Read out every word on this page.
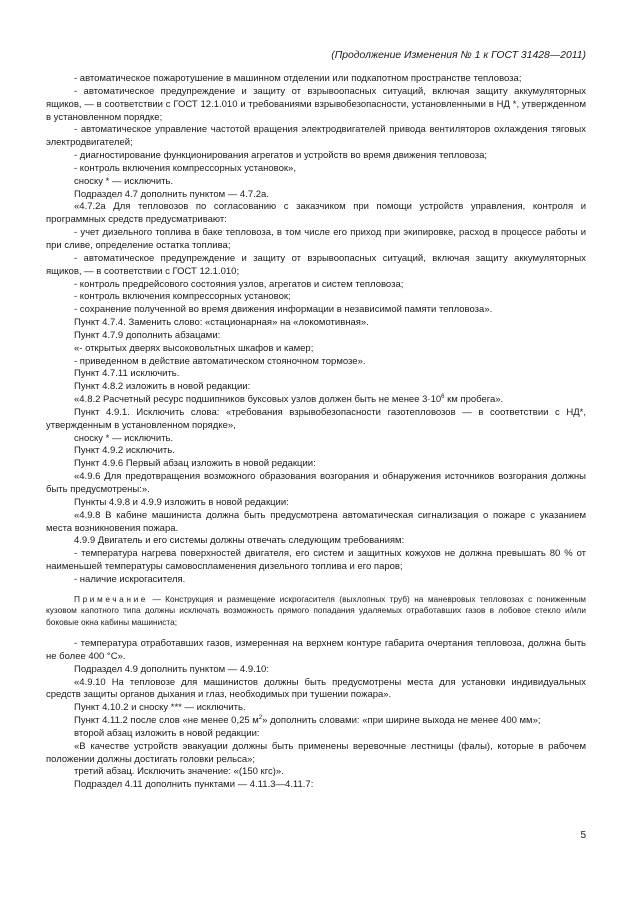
(Продолжение Изменения № 1 к ГОСТ 31428—2011)

- автоматическое пожаротушение в машинном отделении или подкапотном пространстве тепловоза;

- автоматическое предупреждение и защиту от взрывоопасных ситуаций, включая защиту аккумуляторных ящиков, — в соответствии с ГОСТ 12.1.010 и требованиями взрывобезопасности, установленными в НД *, утвержденном в установленном порядке;

- автоматическое управление частотой вращения электродвигателей привода вентиляторов охлаждения тяговых электродвигателей;

- диагностирование функционирования агрегатов и устройств во время движения тепловоза;

- контроль включения компрессорных установок»,

сноску * — исключить.

Подраздел 4.7 дополнить пунктом — 4.7.2а.

«4.7.2а Для тепловозов по согласованию с заказчиком при помощи устройств управления, контроля и программных средств предусматривают:

- учет дизельного топлива в баке тепловоза, в том числе его приход при экипировке, расход в процессе работы и при сливе, определение остатка топлива;

- автоматическое предупреждение и защиту от взрывоопасных ситуаций, включая защиту аккумуляторных ящиков, — в соответствии с ГОСТ 12.1.010;

- контроль предрейсового состояния узлов, агрегатов и систем тепловоза;

- контроль включения компрессорных установок;

- сохранение полученной во время движения информации в независимой памяти тепловоза».

Пункт 4.7.4. Заменить слово: «стационарная» на «локомотивная».

Пункт 4.7.9 дополнить абзацами:

«- открытых дверях высоковольтных шкафов и камер;

- приведенном в действие автоматическом стояночном тормозе».

Пункт 4.7.11 исключить.

Пункт 4.8.2 изложить в новой редакции:

«4.8.2 Расчетный ресурс подшипников буксовых узлов должен быть не менее $3\cdot 10^6$ км пробега».

Пункт 4.9.1. Исключить слова: «требования взрывобезопасности газотепловозов — в соответствии с НД*, утвержденным в установленном порядке»,

сноску * — исключить.

Пункт 4.9.2 исключить.

Пункт 4.9.6 Первый абзац изложить в новой редакции:

«4.9.6 Для предотвращения возможного образования возгорания и обнаружения источников возгорания должны быть предусмотрены:».

Пункты 4.9.8 и 4.9.9 изложить в новой редакции:

«4.9.8 В кабине машиниста должна быть предусмотрена автоматическая сигнализация о пожаре с указанием места возникновения пожара.

4.9.9 Двигатель и его системы должны отвечать следующим требованиям:

- температура нагрева поверхностей двигателя, его систем и защитных кожухов не должна превышать 80 % от наименьшей температуры самовоспламенения дизельного топлива и его паров;

- наличие искрогасителя.

Примечание — Конструкция и размещение искрогасителя (выхлопных труб) на маневровых тепловозах с пониженным кузовом капотного типа должны исключать возможность прямого попадания удаляемых отработавших газов в лобовое стекло и/или боковые окна кабины машиниста;

- температура отработавших газов, измеренная на верхнем контуре габарита очертания тепловоза, должна быть не более 400 °С».

Подраздел 4.9 дополнить пунктом — 4.9.10:

«4.9.10 На тепловозе для машинистов должны быть предусмотрены места для установки индивидуальных средств защиты органов дыхания и глаз, необходимых при тушении пожара».

Пункт 4.10.2 и сноску *** — исключить.

Пункт 4.11.2 после слов «не менее 0,25 $м^2$» дополнить словами: «при ширине выхода не менее 400 мм»;

второй абзац изложить в новой редакции:

«В качестве устройств эвакуации должны быть применены веревочные лестницы (фалы), которые в рабочем положении должны достигать головки рельса»;

третий абзац. Исключить значение: «(150 кгс)».

Подраздел 4.11 дополнить пунктами — 4.11.3—4.11.7:

5
